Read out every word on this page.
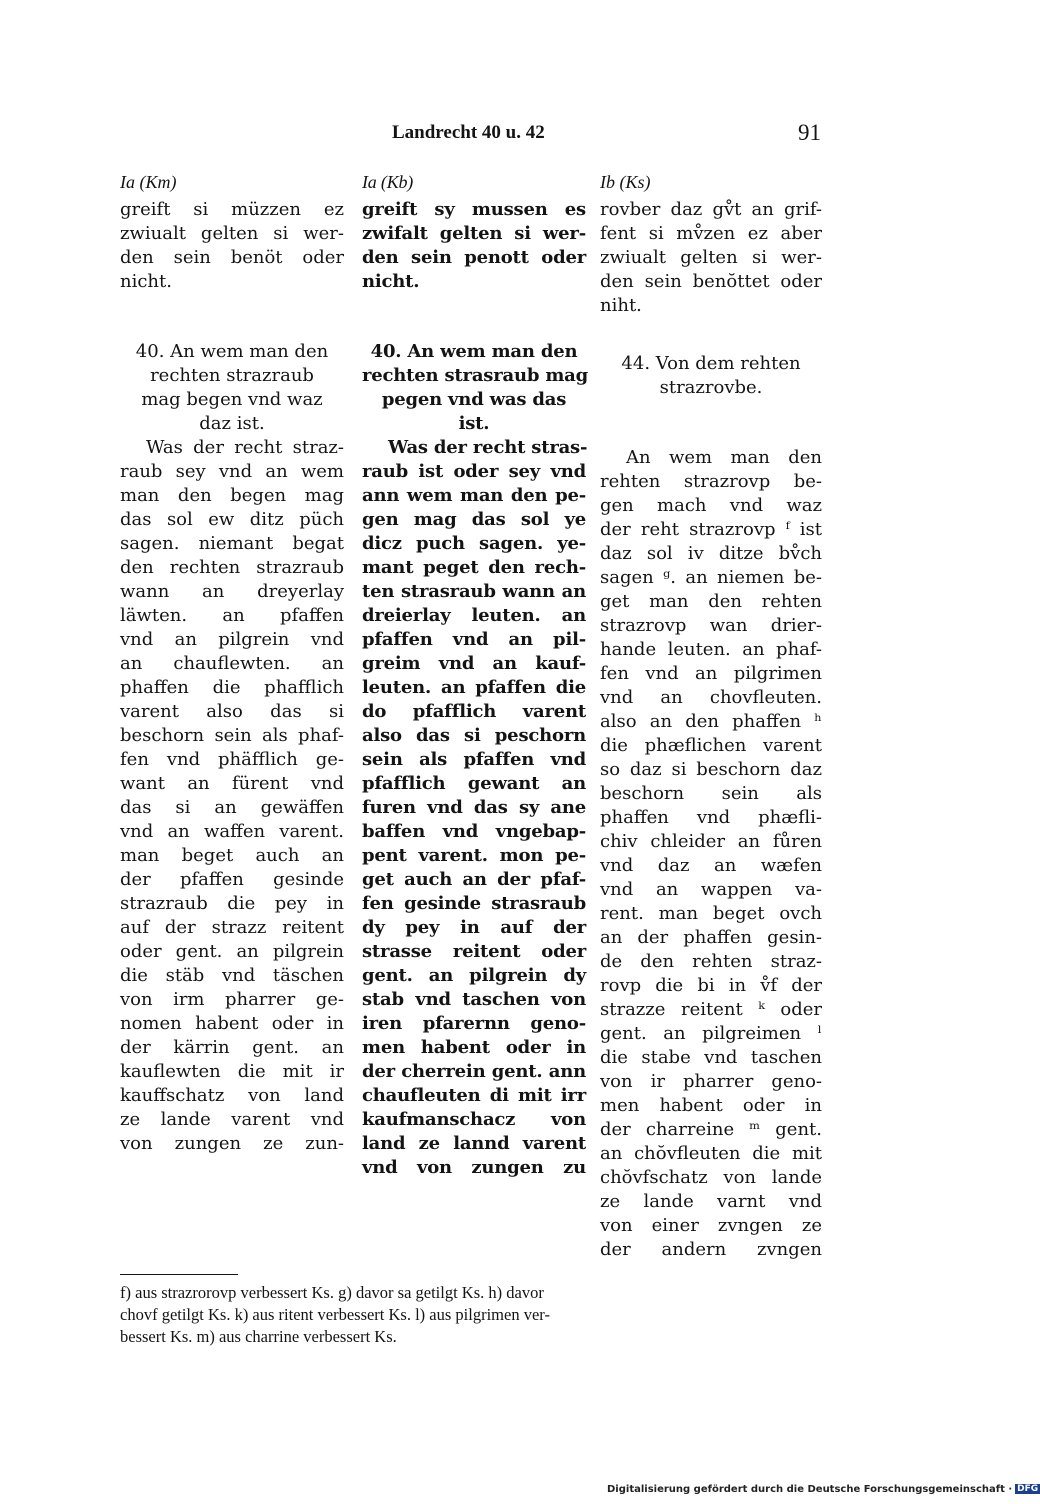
Landrecht 40 u. 42	91
Ia (Km)
greift si müzzen ez
zwiualt gelten si wer-
den sein benöt oder
nicht.
40. An wem man den
rechten strazraub
mag begen vnd waz
daz ist.
Was der recht straz-
raub sey vnd an wem
man den begen mag
das sol ew ditz püch
sagen. niemant begat
den rechten strazraub
wann an dreyerlay
läwten. an pfaffen
vnd an pilgrein vnd
an chauflewten. an
phaffen die phafflich
varent also das si
beschorn sein als phaf-
fen vnd phäfflich ge-
want an fürent vnd
das si an gewäffen
vnd an waffen varent.
man beget auch an
der pfaffen gesinde
strazraub die pey in
auf der strazz reitent
oder gent. an pilgrein
die stäb vnd täschen
von irm pharrer ge-
nomen habent oder in
der kärrin gent. an
kauflewten die mit ir
kauffschatz von land
ze lande varent vnd
von zungen ze zun-
Ia (Kb)
greift sy mussen es
zwifalt gelten si wer-
den sein penott oder
nicht.
40. An wem man den
rechten strasraub mag
pegen vnd was das
ist.
Was der recht stras-
raub ist oder sey vnd
ann wem man den pe-
gen mag das sol ye
dicz puch sagen. ye-
mant peget den rech-
ten strasraub wann an
dreierlay leuten. an
pfaffen vnd an pil-
greim vnd an kauf-
leuten. an pfaffen die
do pfafflich varent
also das si peschorn
sein als pfaffen vnd
pfafflich gewant an
furen vnd das sy ane
baffen vnd vngebap-
pent varent. mon pe-
get auch an der pfaf-
fen gesinde strasraub
dy pey in auf der
strasse reitent oder
gent. an pilgrein dy
stab vnd taschen von
iren pfarernn geno-
men habent oder in
der cherrein gent. ann
chaufleuten di mit irr
kaufmanschacz von
land ze lannd varent
vnd von zungen zu
Ib (Ks)
rovber daz gv̊t an grif-
fent si mv̊zen ez aber
zwiualt gelten si wer-
den sein benŏttet oder
niht.
44. Von dem rehten
strazrovbe.
An wem man den
rehten strazrovp be-
gen mach vnd waz
der reht strazrovp ᶠ ist
daz sol iv ditze bv̊ch
sagen ᵍ. an niemen be-
get man den rehten
strazrovp wan drier-
hande leuten. an phaf-
fen vnd an pilgrimen
vnd an chovfleuten.
also an den phaffen ʰ
die phæflichen varent
so daz si beschorn daz
beschorn sein als
phaffen vnd phæfli-
chiv chleider an fůren
vnd daz an wæfen
vnd an wappen va-
rent. man beget ovch
an der phaffen gesin-
de den rehten straz-
rovp die bi in v̊f der
strazze reitent ᵏ oder
gent. an pilgreimen ˡ
die stabe vnd taschen
von ir pharrer geno-
men habent oder in
der charreine ᵐ gent.
an chŏvfleuten die mit
chŏvfschatz von lande
ze lande varnt vnd
von einer zvngen ze
der andern zvngen
f) aus strazrorovp verbessert Ks. g) davor sa getilgt Ks. h) davor
chovf getilgt Ks. k) aus ritent verbessert Ks. l) aus pilgrimen ver-
bessert Ks. m) aus charrine verbessert Ks.
Digitalisierung gefördert durch die Deutsche Forschungsgemeinschaft · DFG
